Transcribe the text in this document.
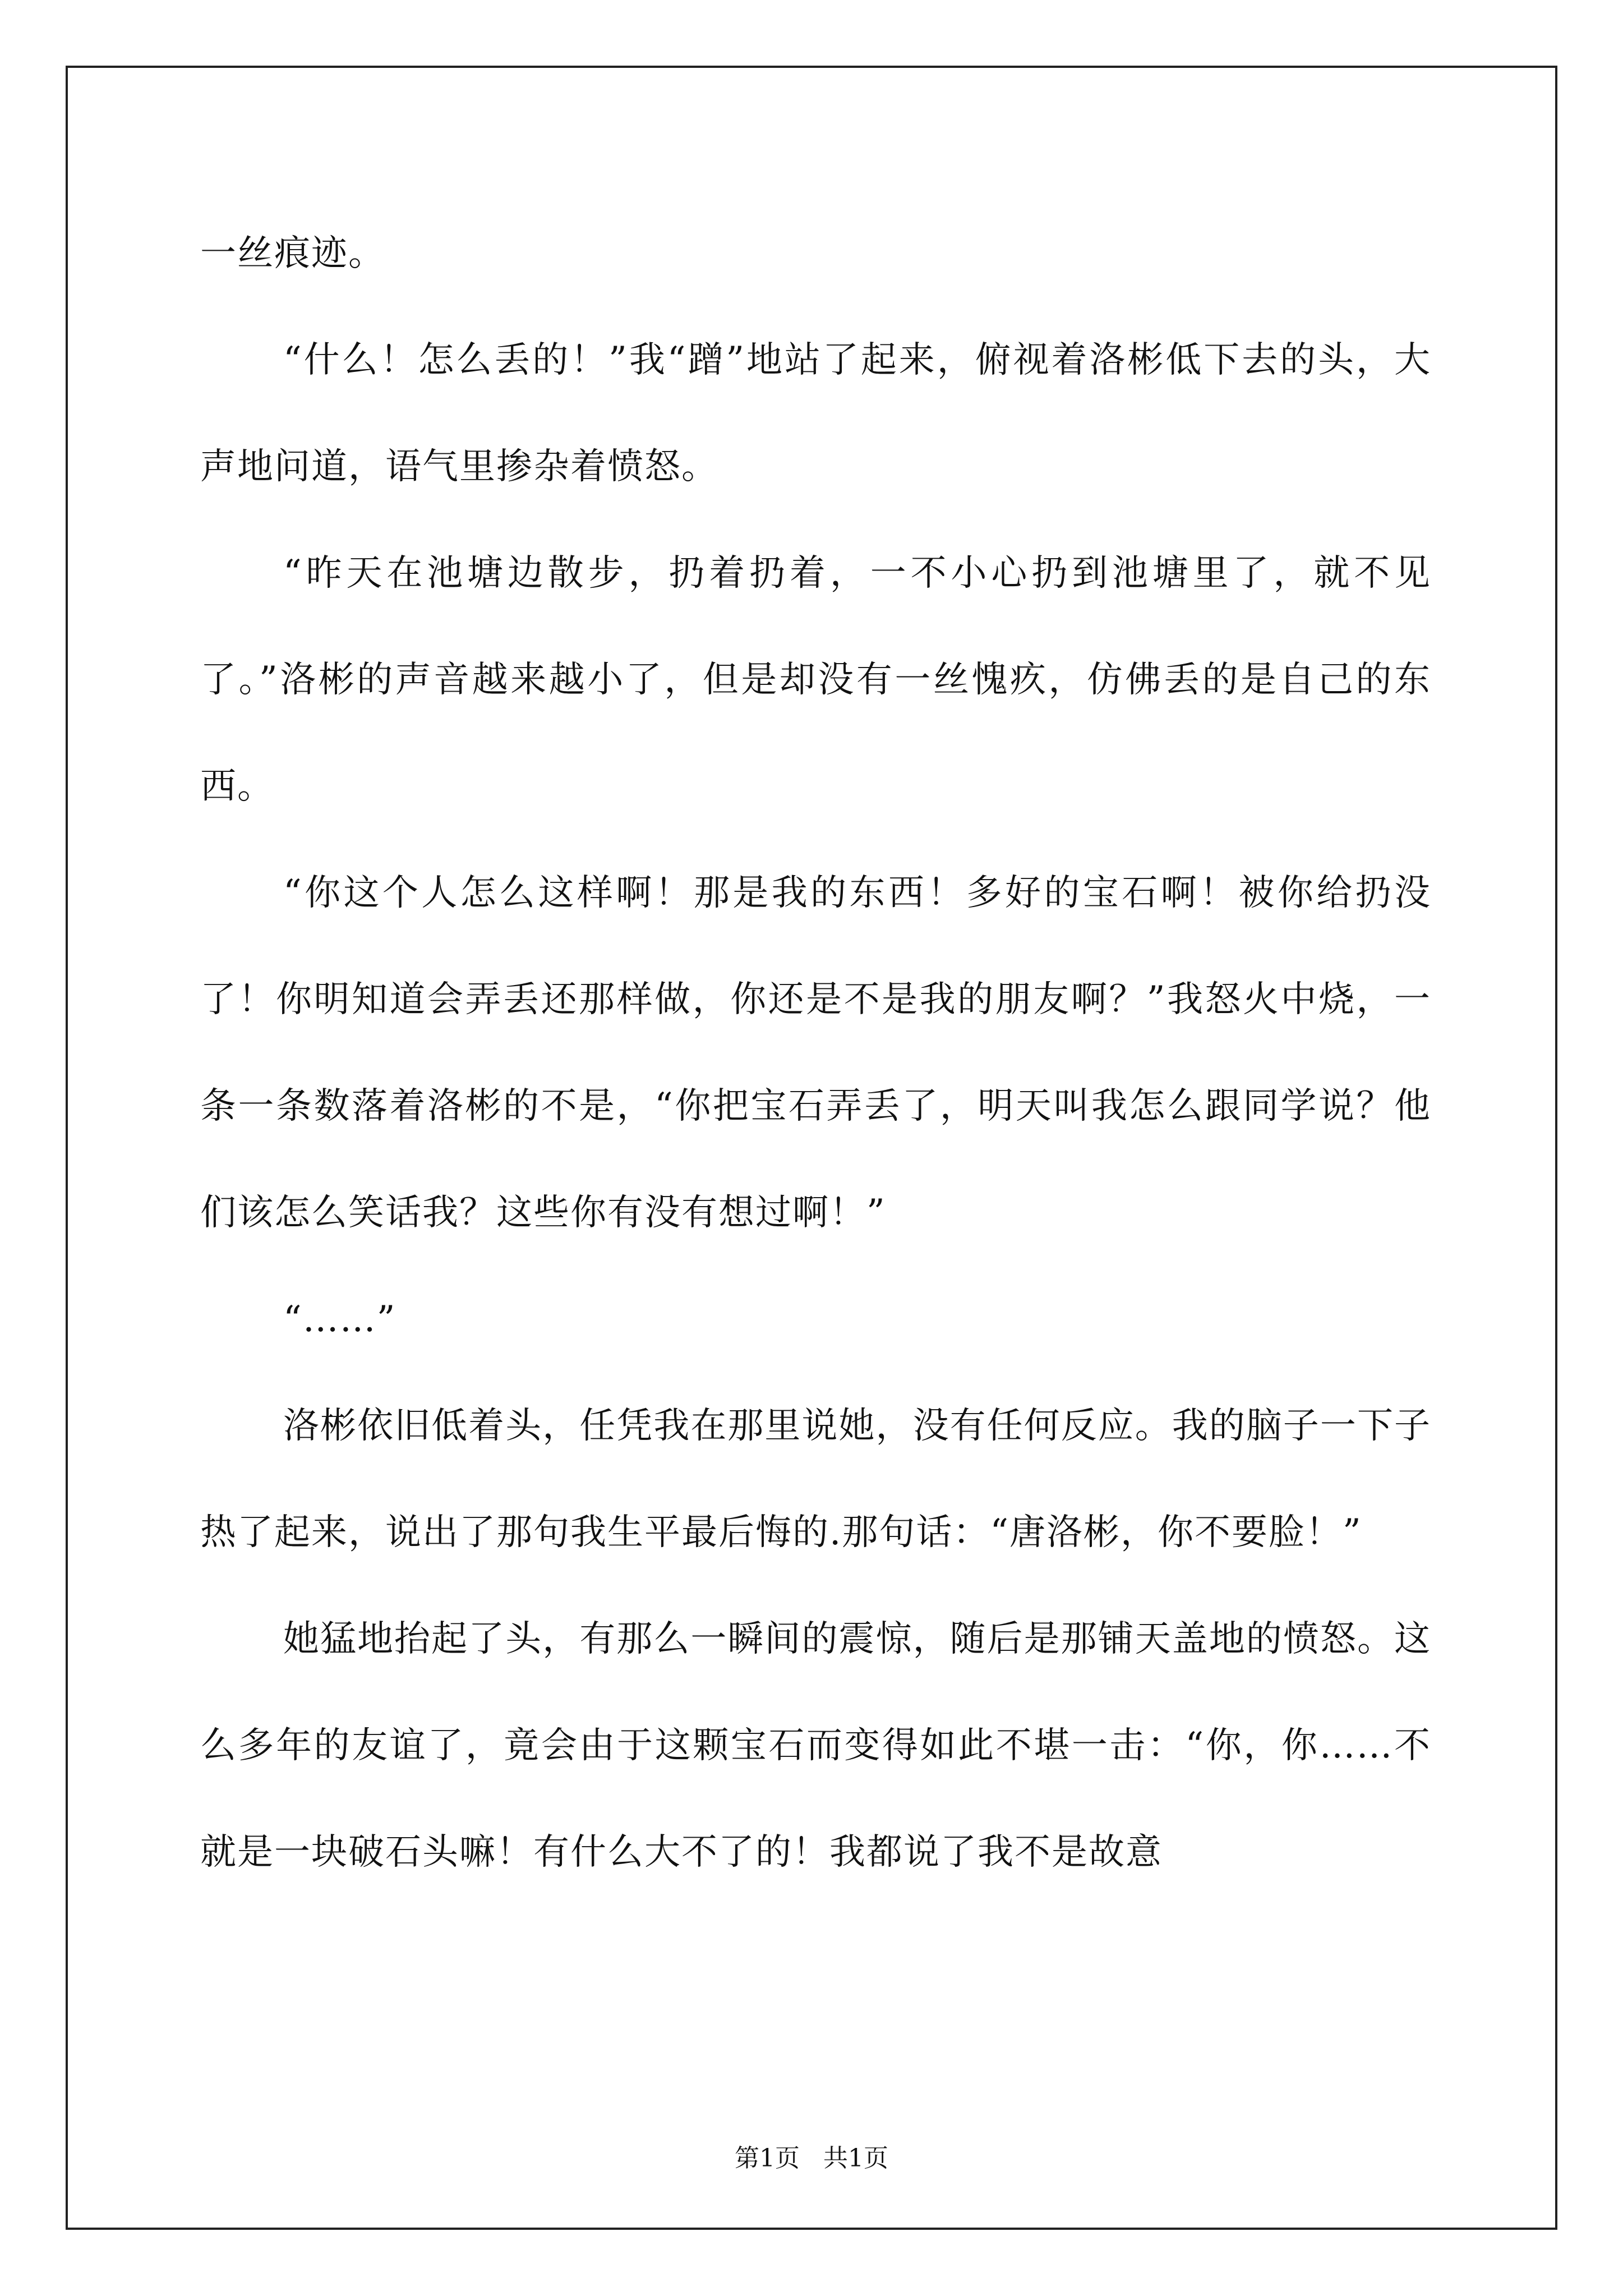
一丝痕迹。

“什么！怎么丢的！”我“蹭”地站了起来，俯视着洛彬低下去的头，大声地问道，语气里掺杂着愤怒。

“昨天在池塘边散步，扔着扔着，一不小心扔到池塘里了，就不见了。”洛彬的声音越来越小了，但是却没有一丝愧疚，仿佛丢的是自己的东西。

“你这个人怎么这样啊！那是我的东西！多好的宝石啊！被你给扔没了！你明知道会弄丢还那样做，你还是不是我的朋友啊？”我怒火中烧，一条一条数落着洛彬的不是，“你把宝石弄丢了，明天叫我怎么跟同学说？他们该怎么笑话我？这些你有没有想过啊！”

“……”

洛彬依旧低着头，任凭我在那里说她，没有任何反应。我的脑子一下子热了起来，说出了那句我生平最后悔的.那句话：“唐洛彬，你不要脸！”

她猛地抬起了头，有那么一瞬间的震惊，随后是那铺天盖地的愤怒。这么多年的友谊了，竟会由于这颗宝石而变得如此不堪一击：“你，你……不就是一块破石头嘛！有什么大不了的！我都说了我不是故意

第1页   共1页
